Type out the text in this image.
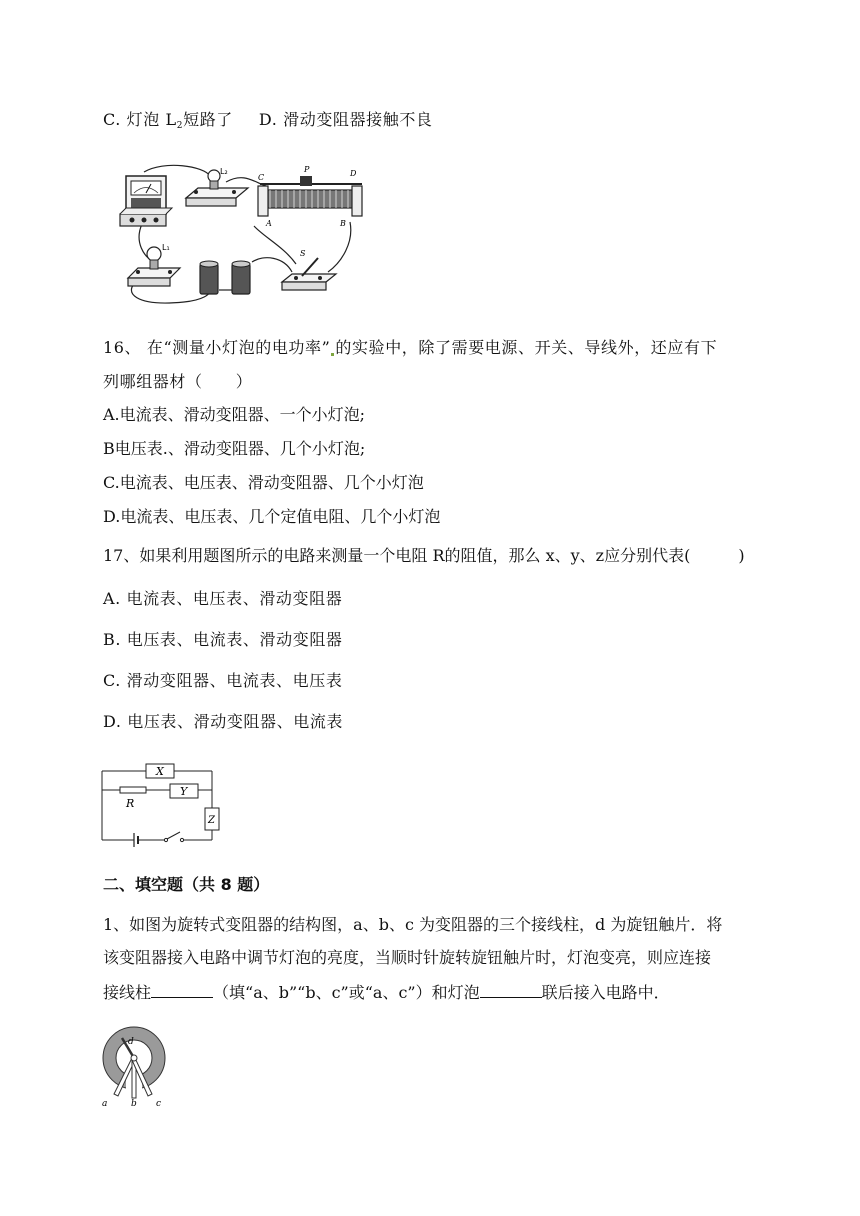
C. 灯泡 $L_2$短路了 D. 滑动变阻器接触不良
L₂
C
P	D
A	B
L₁
S
16、 在“测量小灯泡的电功率” 的实验中，除了需要电源、开关、导线外，还应有下
列哪组器材（　　）
A.电流表、滑动变阻器、一个小灯泡;
B电压表.、滑动变阻器、几个小灯泡;
C.电流表、电压表、滑动变阻器、几个小灯泡
D.电流表、电压表、几个定值电阻、几个小灯泡
17、如果利用题图所示的电路来测量一个电阻 R的阻值，那么 x、y、z应分别代表(　　　)
A. 电流表、电压表、滑动变阻器
B. 电压表、电流表、滑动变阻器
C. 滑动变阻器、电流表、电压表
D. 电压表、滑动变阻器、电流表
X
R
Y
Z
二、填空题（共 8 题）
1、如图为旋转式变阻器的结构图，a、b、c 为变阻器的三个接线柱，d 为旋钮触片．将
该变阻器接入电路中调节灯泡的亮度，当顺时针旋转旋钮触片时，灯泡变亮，则应连接
接线柱	（填“a、b”“b、c”或“a、c”）和灯泡	联后接入电路中．
d
a	b c
